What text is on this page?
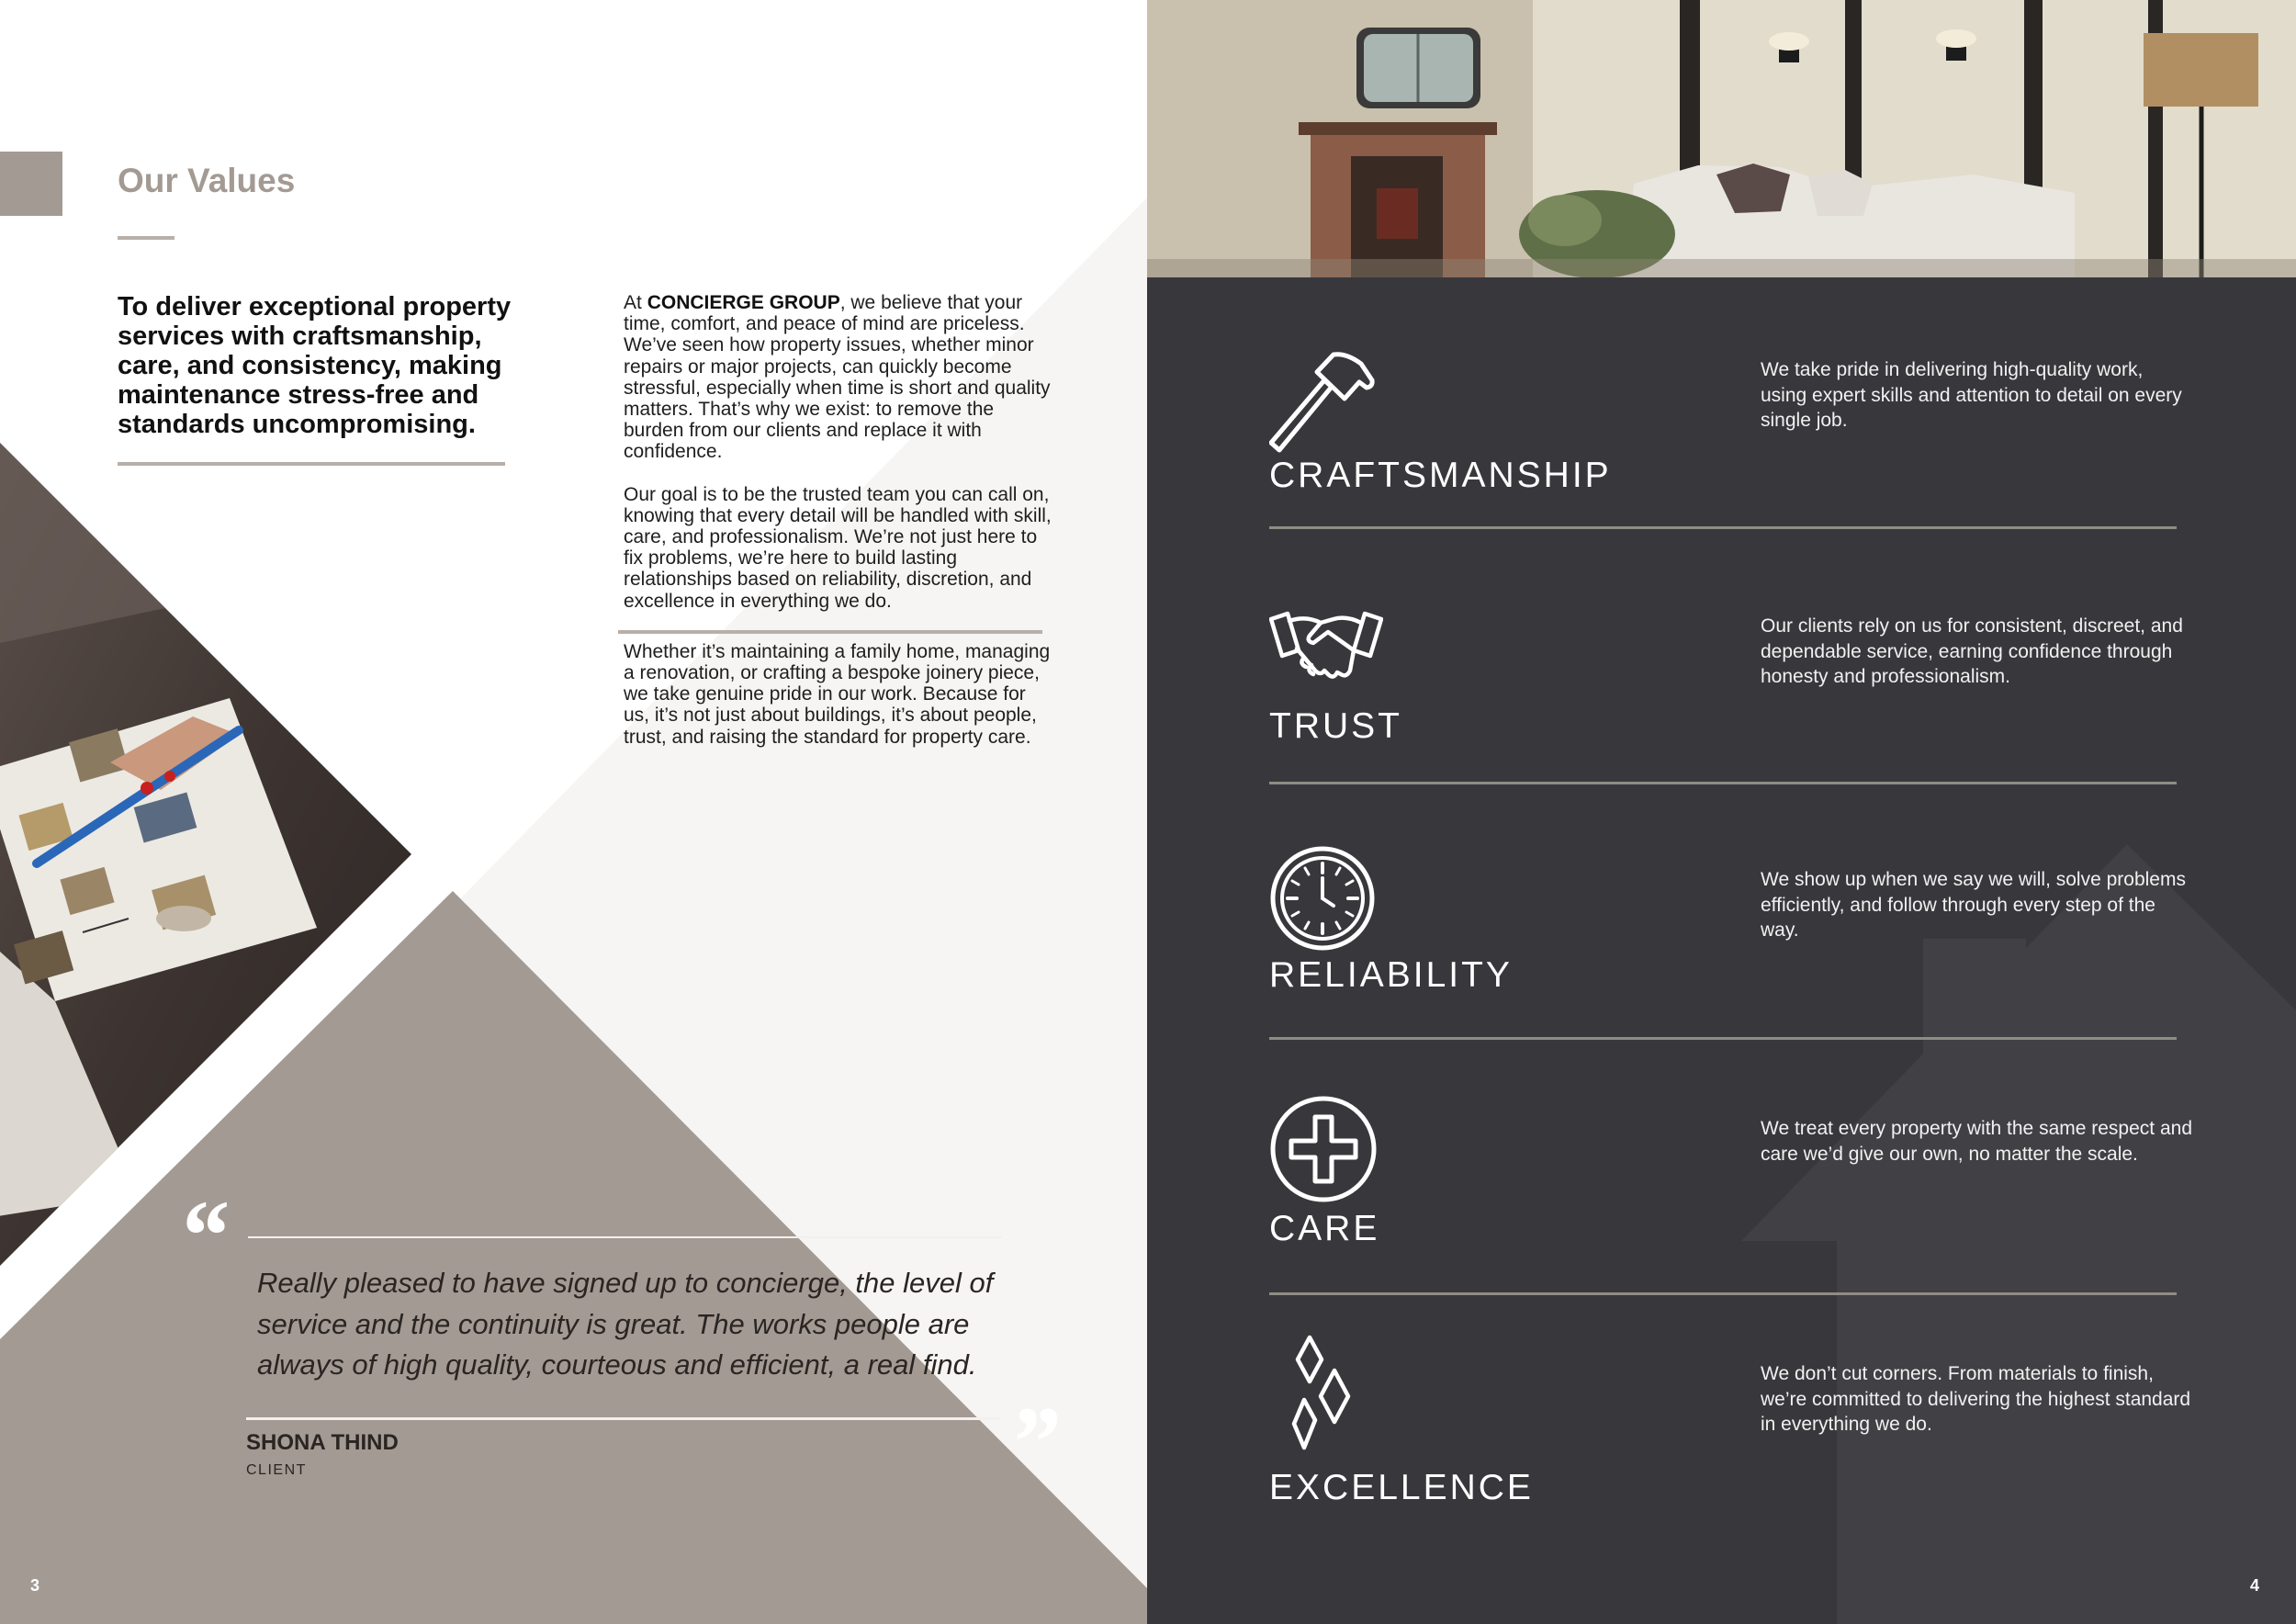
Our Values

To deliver exceptional property services with craftsmanship, care, and consistency, making maintenance stress-free and standards uncompromising.

At CONCIERGE GROUP, we believe that your time, comfort, and peace of mind are priceless. We’ve seen how property issues, whether minor repairs or major projects, can quickly become stressful, especially when time is short and quality matters. That’s why we exist: to remove the burden from our clients and replace it with confidence.

Our goal is to be the trusted team you can call on, knowing that every detail will be handled with skill, care, and professionalism. We’re not just here to fix problems, we’re here to build lasting relationships based on reliability, discretion, and excellence in everything we do.

Whether it’s maintaining a family home, managing a renovation, or crafting a bespoke joinery piece, we take genuine pride in our work. Because for us, it’s not just about buildings, it’s about people, trust, and raising the standard for property care.

“ Really pleased to have signed up to concierge, the level of service and the continuity is great. The works people are always of high quality, courteous and efficient, a real find.

”

SHONA THIND

CLIENT

3
CRAFTSMANSHIP

We take pride in delivering high-quality work, using expert skills and attention to detail on every single job.

TRUST

Our clients rely on us for consistent, discreet, and dependable service, earning confidence through honesty and professionalism.

RELIABILITY

We show up when we say we will, solve problems efficiently, and follow through every step of the way.

CARE

We treat every property with the same respect and care we’d give our own, no matter the scale.

EXCELLENCE

We don’t cut corners. From materials to finish, we’re committed to delivering the highest standard in everything we do.

4
